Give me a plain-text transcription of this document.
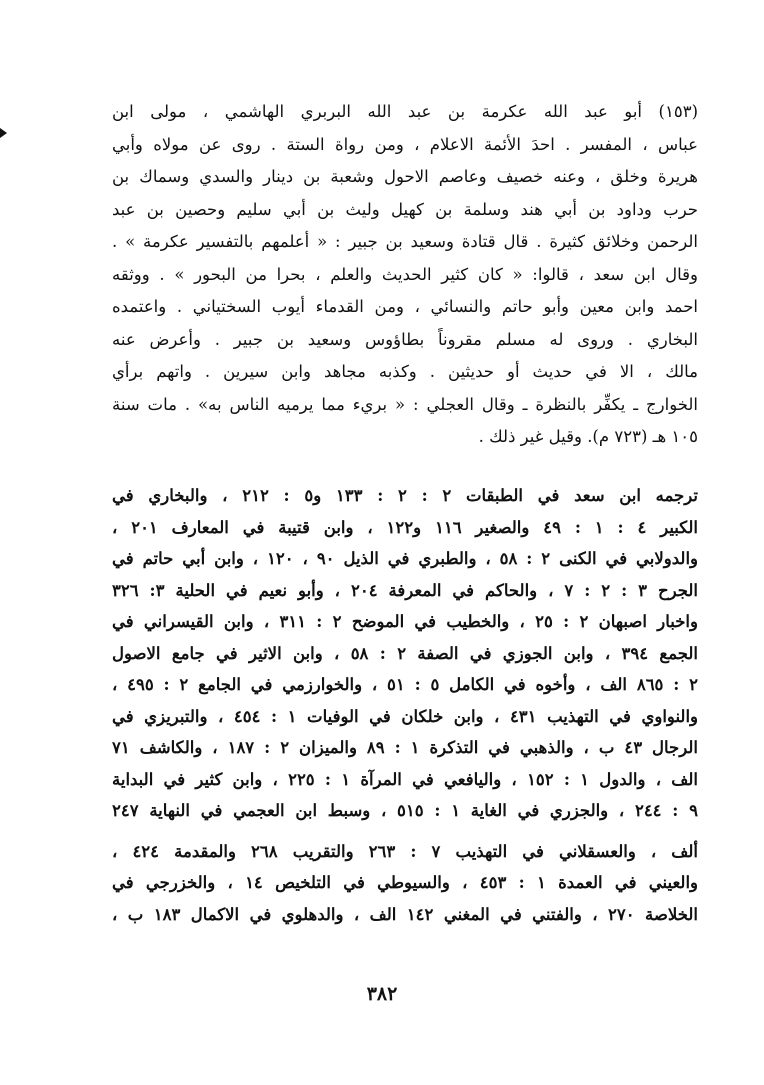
(١٥٣) أبو عبد الله عكرمة بن عبد الله البربري الهاشمي ، مولى ابن
عباس ، المفسر . احدَ الأئمة الاعلام ، ومن رواة الستة . روى عن مولاه وأبي
هريرة وخلق ، وعنه خصيف وعاصم الاحول وشعبة بن دينار والسدي وسماك بن
حرب وداود بن أبي هند وسلمة بن كهيل وليث بن أبي سليم وحصين بن عبد
الرحمن وخلائق كثيرة . قال قتادة وسعيد بن جبير : « أعلمهم بالتفسير عكرمة » .
وقال ابن سعد ، قالوا: « كان كثير الحديث والعلم ، بحرا من البحور » . ووثقه
احمد وابن معين وأبو حاتم والنسائي ، ومن القدماء أيوب السختياني . واعتمده
البخاري . وروى له مسلم مقروناً بطاؤوس وسعيد بن جبير . وأعرض عنه
مالك ، الا في حديث أو حديثين . وكذبه مجاهد وابن سيرين . واتهم برأي
الخوارج ـ يكفِّر بالنظرة ـ وقال العجلي : « بريء مما يرميه الناس به» . مات سنة
١٠٥ هـ (٧٢٣ م). وقيل غير ذلك .
ترجمه ابن سعد في الطبقات ٢ : ٢ : ١٣٣ و٥ : ٢١٢ ، والبخاري في
الكبير ٤ : ١ : ٤٩ والصغير ١١٦ و١٢٢ ، وابن قتيبة في المعارف ٢٠١ ،
والدولابي في الكنى ٢ : ٥٨ ، والطبري في الذيل ٩٠ ، ١٢٠ ، وابن أبي حاتم في
الجرح ٣ : ٢ : ٧ ، والحاكم في المعرفة ٢٠٤ ، وأبو نعيم في الحلية ٣: ٣٢٦
واخبار اصبهان ٢ : ٢٥ ، والخطيب في الموضح ٢ : ٣١١ ، وابن القيسراني في
الجمع ٣٩٤ ، وابن الجوزي في الصفة ٢ : ٥٨ ، وابن الاثير في جامع الاصول
٢ : ٨٦٥ الف ، وأخوه في الكامل ٥ : ٥١ ، والخوارزمي في الجامع ٢ : ٤٩٥ ،
والنواوي في التهذيب ٤٣١ ، وابن خلكان في الوفيات ١ : ٤٥٤ ، والتبريزي في
الرجال ٤٣ ب ، والذهبي في التذكرة ١ : ٨٩ والميزان ٢ : ١٨٧ ، والكاشف ٧١
الف ، والدول ١ : ١٥٢ ، واليافعي في المرآة ١ : ٢٢٥ ، وابن كثير في البداية
٩ : ٢٤٤ ، والجزري في الغاية ١ : ٥١٥ ، وسبط ابن العجمي في النهاية ٢٤٧
ألف ، والعسقلاني في التهذيب ٧ : ٢٦٣ والتقريب ٢٦٨ والمقدمة ٤٢٤ ،
والعيني في العمدة ١ : ٤٥٣ ، والسيوطي في التلخيص ١٤ ، والخزرجي في
الخلاصة ٢٧٠ ، والفتني في المغني ١٤٢ الف ، والدهلوي في الاكمال ١٨٣ ب ،
٣٨٢
